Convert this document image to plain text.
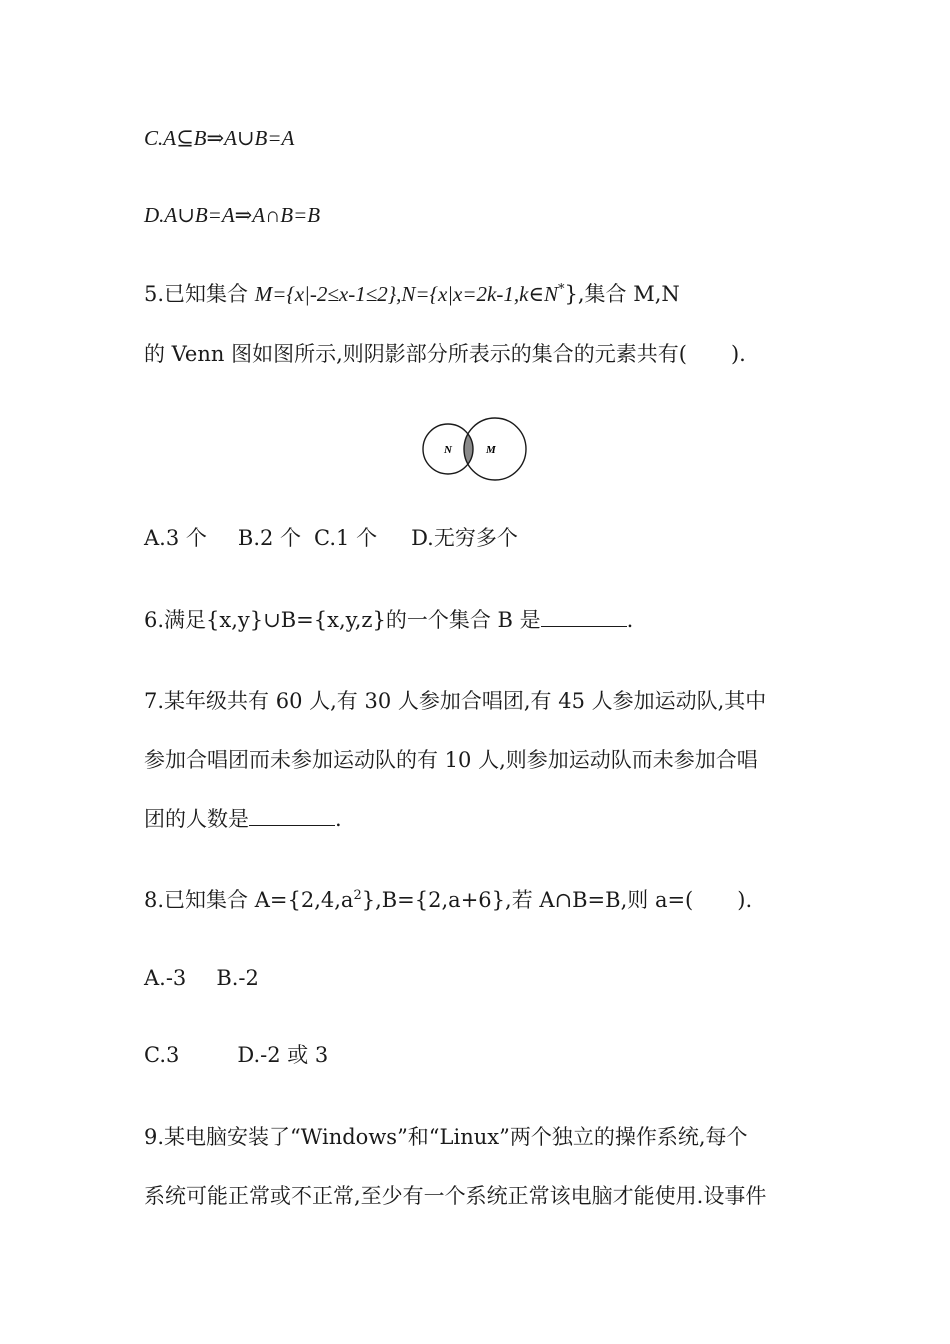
C.A⊆B⇒A∪B=A
D.A∪B=A⇒A∩B=B
5.已知集合 M={x|-2≤x-1≤2},N={x|x=2k-1,k∈N*},集合 M,N
的 Venn 图如图所示,则阴影部分所表示的集合的元素共有( ).
N	M
A.3 个 B.2 个 C.1 个 D.无穷多个
6.满足{x,y}∪B={x,y,z}的一个集合 B 是	.
7.某年级共有 60 人,有 30 人参加合唱团,有 45 人参加运动队,其中
参加合唱团而未参加运动队的有 10 人,则参加运动队而未参加合唱
团的人数是	.
8.已知集合 $A=\{2,4,a^2\},B=\{2,a+6\}$,若 A∩B=B,则 a=( ).
A.-3 B.-2
C.3	D.-2 或 3
9.某电脑安装了“Windows”和“Linux”两个独立的操作系统,每个
系统可能正常或不正常,至少有一个系统正常该电脑才能使用.设事件
